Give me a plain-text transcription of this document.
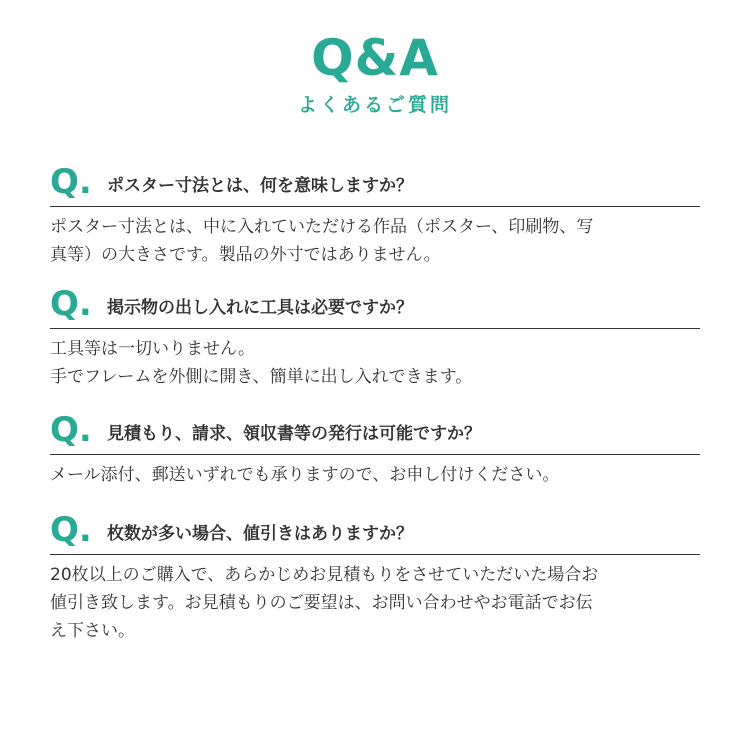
Q&A
よくあるご質問
Q. ポスター寸法とは、何を意味しますか？

ポスター寸法とは、中に入れていただける作品（ポスター、印刷物、写

真等）の大きさです。製品の外寸ではありません。

Q. 掲示物の出し入れに工具は必要ですか？

工具等は一切いりません。

手でフレームを外側に開き、簡単に出し入れできます。

Q. 見積もり、請求、領収書等の発行は可能ですか？

メール添付、郵送いずれでも承りますので、お申し付けください。

Q. 枚数が多い場合、値引きはありますか？

20枚以上のご購入で、あらかじめお見積もりをさせていただいた場合お

値引き致します。お見積もりのご要望は、お問い合わせやお電話でお伝

え下さい。
